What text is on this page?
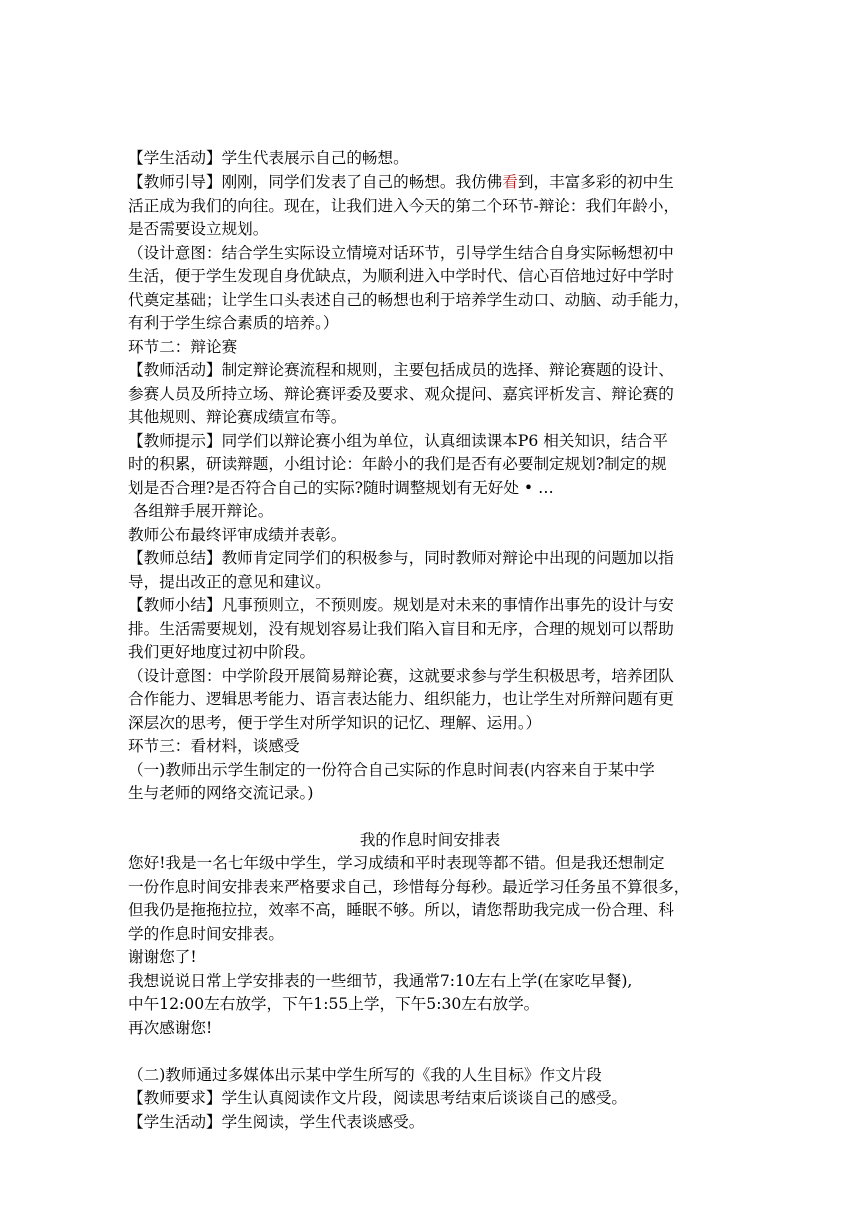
【学生活动】学生代表展示自己的畅想。
【教师引导】刚刚，同学们发表了自己的畅想。我仿佛看到，丰富多彩的初中生
活正成为我们的向往。现在，让我们进入今天的第二个环节-辩论：我们年龄小，
是否需要设立规划。
（设计意图：结合学生实际设立情境对话环节，引导学生结合自身实际畅想初中
生活，便于学生发现自身优缺点，为顺利进入中学时代、信心百倍地过好中学时
代奠定基础；让学生口头表述自己的畅想也利于培养学生动口、动脑、动手能力，
有利于学生综合素质的培养。）
环节二：辩论赛
【教师活动】制定辩论赛流程和规则，主要包括成员的选择、辩论赛题的设计、
参赛人员及所持立场、辩论赛评委及要求、观众提问、嘉宾评析发言、辩论赛的
其他规则、辩论赛成绩宣布等。
【教师提示】同学们以辩论赛小组为单位，认真细读课本P6 相关知识，结合平
时的积累，研读辩题，小组讨论：年龄小的我们是否有必要制定规划?制定的规
划是否合理?是否符合自己的实际?随时调整规划有无好处 • …
各组辩手展开辩论。
教师公布最终评审成绩并表彰。
【教师总结】教师肯定同学们的积极参与，同时教师对辩论中出现的问题加以指
导，提出改正的意见和建议。
【教师小结】凡事预则立，不预则废。规划是对未来的事情作出事先的设计与安
排。生活需要规划，没有规划容易让我们陷入盲目和无序，合理的规划可以帮助
我们更好地度过初中阶段。
（设计意图：中学阶段开展简易辩论赛，这就要求参与学生积极思考，培养团队
合作能力、逻辑思考能力、语言表达能力、组织能力，也让学生对所辩问题有更
深层次的思考，便于学生对所学知识的记忆、理解、运用。）
环节三：看材料，谈感受
（一)教师出示学生制定的一份符合自己实际的作息时间表(内容来自于某中学
生与老师的网络交流记录。)
我的作息时间安排表
您好!我是一名七年级中学生，学习成绩和平时表现等都不错。但是我还想制定
一份作息时间安排表来严格要求自己，珍惜每分每秒。最近学习任务虽不算很多，
但我仍是拖拖拉拉，效率不高，睡眠不够。所以，请您帮助我完成一份合理、科
学的作息时间安排表。
谢谢您了!
我想说说日常上学安排表的一些细节，我通常7:10左右上学(在家吃早餐),
中午12:00左右放学，下午1:55上学，下午5:30左右放学。
再次感谢您!
（二)教师通过多媒体出示某中学生所写的《我的人生目标》作文片段
【教师要求】学生认真阅读作文片段，阅读思考结束后谈谈自己的感受。
【学生活动】学生阅读，学生代表谈感受。
